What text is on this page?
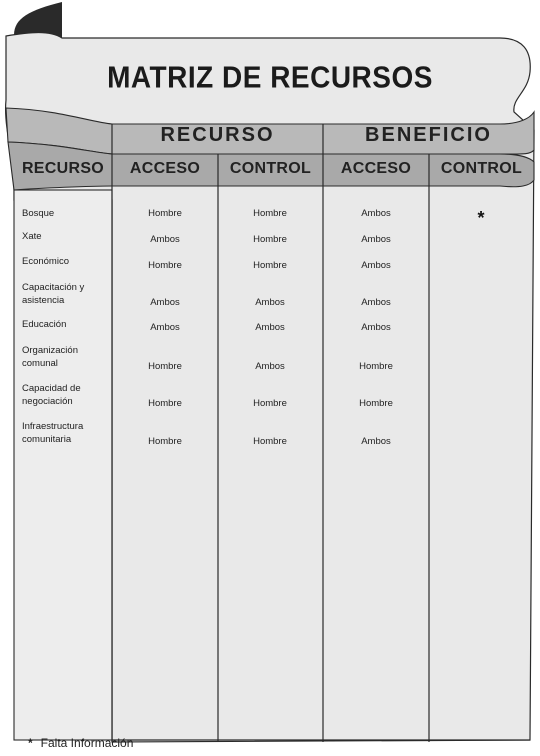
MATRIZ DE RECURSOS
RECURSO	BENEFICIO
RECURSO	ACCESO	CONTROL	ACCESO	CONTROL
Bosque	Hombre	Hombre	Ambos	*
Xate	Ambos	Hombre	Ambos
Económico	Hombre	Hombre	Ambos
Capacitación y
asistencia	Ambos	Ambos	Ambos
Educación	Ambos	Ambos	Ambos
Organización
comunal	Hombre	Ambos	Hombre
Capacidad de
negociación	Hombre	Hombre	Hombre
Infraestructura
comunitaria	Hombre	Hombre	Ambos
* Falta Información
